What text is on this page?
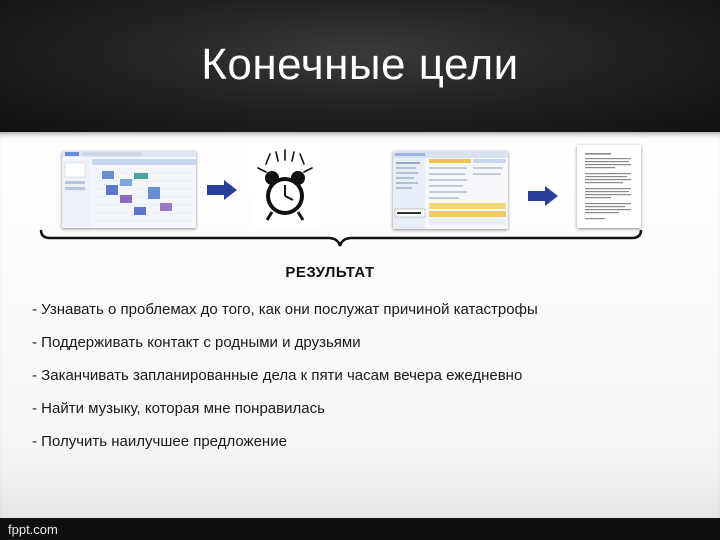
Конечные цели
РЕЗУЛЬТАТ
- Узнавать о проблемах до того, как они послужат причиной катастрофы
- Поддерживать контакт с родными и друзьями
- Заканчивать запланированные дела к пяти часам вечера ежедневно
- Найти музыку, которая мне понравилась
- Получить наилучшее предложение
fppt.com
